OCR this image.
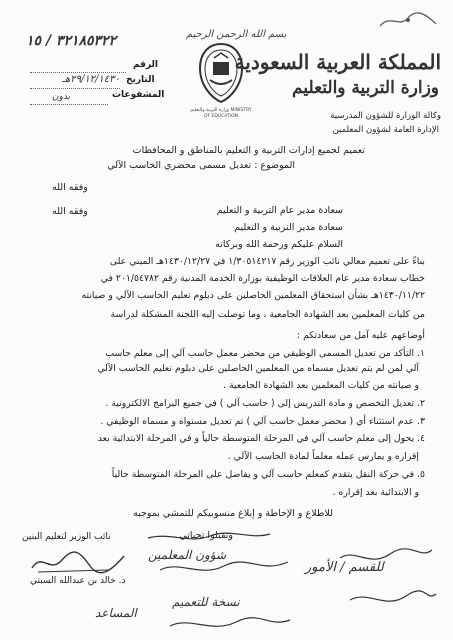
المملكة العربية السعودية
وزارة التربية والتعليم
وكالة الوزارة للشؤون المدرسية
الإدارة العامة لشؤون المعلمين
بسم الله الرحمن الرحيم
وزارة التربية والتعليم MINISTRY OF EDUCATION
٣٢١٨٥٣٢٢ / ١٥
الرقم
التاريخ
٢٩/١٢/١٤٣٠هـ
المشفوعات
بدون
تعميم لجميع إدارات التربية و التعليم بالمناطق و المحافظات
الموضوع : تعديل مسمى محضري الحاسب الآلي
سعادة مدير عام التربية و التعليم
وفقه الله
سعادة مدير التربية و التعليم
وفقه الله
السلام عليكم ورحمة الله وبركاته
بناءً على تعميم معالي نائب الوزير رقم ١/٣٠٥١٤٢١٧ في ١٤٣٠/١٢/٢٧هـ المبني على
خطاب سعادة مدير عام العلاقات الوظيفية بوزارة الخدمة المدنية رقم ٢٠١/٥٤٧٨٢ في
١٤٣٠/١١/٢٢هـ بشأن استحقاق المعلمين الحاصلين على دبلوم تعليم الحاسب الآلي و صيانته
من كليات المعلمين بعد الشهادة الجامعية ، وما توصلت إليه اللجنة المشكلة لدراسة
أوضاعهم عليه آمل من سعادتكم :
١. التأكد من تعديل المسمى الوظيفي من محضر معمل حاسب آلي إلى معلم حاسب
آلي لمن لم يتم تعديل مسماه من المعلمين الحاصلين على دبلوم تعليم الحاسب الآلي
و صيانته من كليات المعلمين بعد الشهادة الجامعية .
٢. تعديل التخصص و مادة التدريس إلى ( حاسب آلي ) في جميع البرامج الالكترونية .
٣. عدم استثناء أي ( محضر معمل حاسب آلي ) تم تعديل مستواه و مسماه الوظيفي .
٤. يحول إلى معلم حاسب آلي في المرحلة المتوسطة حالياً و في المرحلة الابتدائية بعد
إقراره و يمارس عمله معلماً لمادة الحاسب الآلي .
٥. في حركة النقل يتقدم كمعلم حاسب آلي و يفاضل على المرحلة المتوسطة حالياً
و الابتدائية بعد إقراره .
للاطلاع و الإحاطة و إبلاغ منسوبيكم للتمشي بموجبه
وتقبلوا تحياتي
نائب الوزير لتعليم البنين
د. خالد بن عبدالله السبتي
للقسم / الأمور
شؤون المعلمين
نسخة للتعميم
المساعد
